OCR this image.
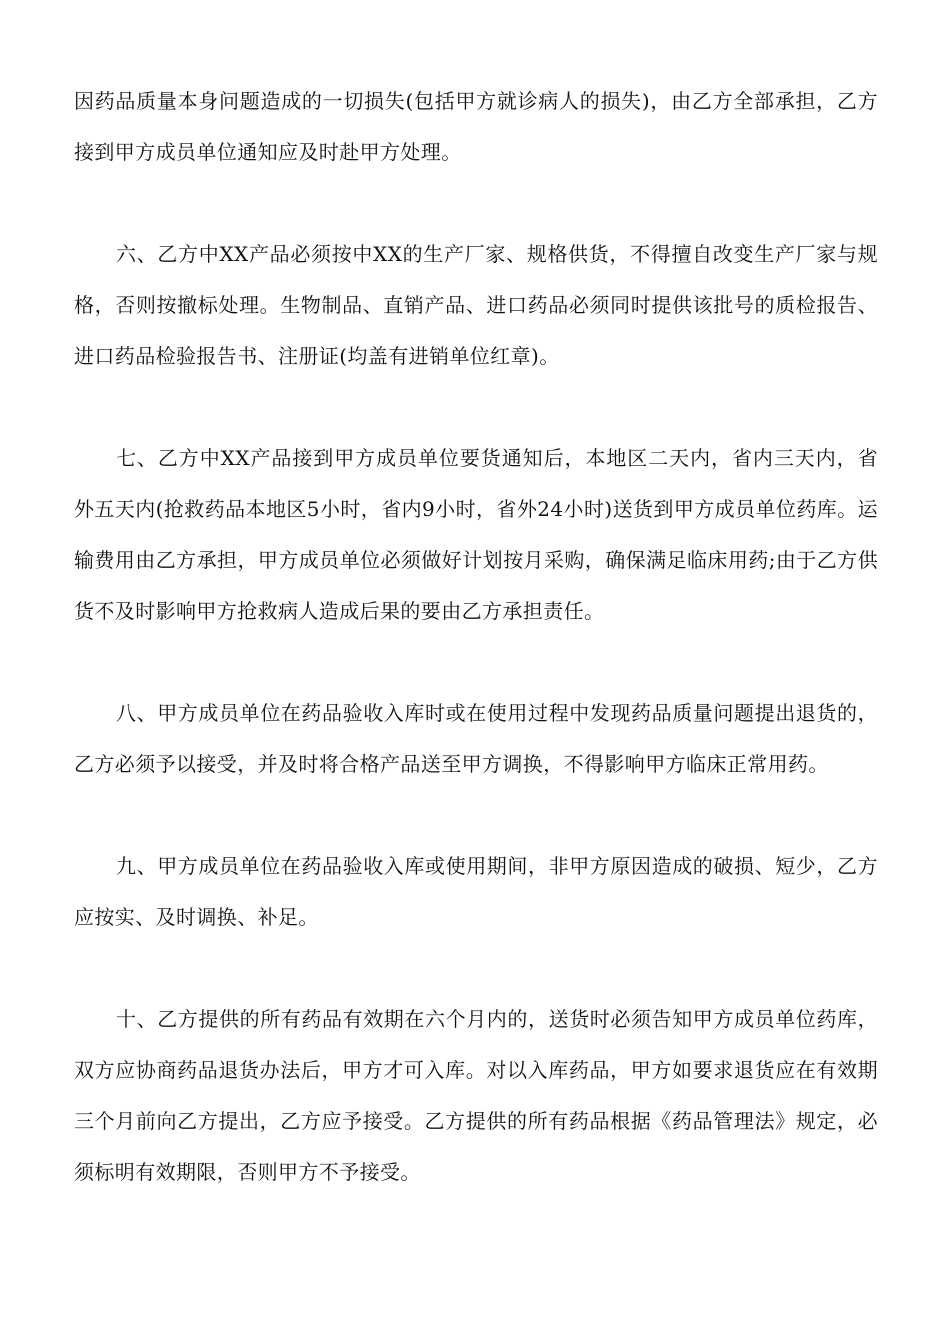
因药品质量本身问题造成的一切损失(包括甲方就诊病人的损失)，由乙方全部承担，乙方接到甲方成员单位通知应及时赴甲方处理。

六、乙方中XX产品必须按中XX的生产厂家、规格供货，不得擅自改变生产厂家与规格，否则按撤标处理。生物制品、直销产品、进口药品必须同时提供该批号的质检报告、进口药品检验报告书、注册证(均盖有进销单位红章)。

七、乙方中XX产品接到甲方成员单位要货通知后，本地区二天内，省内三天内，省外五天内(抢救药品本地区5小时，省内9小时，省外24小时)送货到甲方成员单位药库。运输费用由乙方承担，甲方成员单位必须做好计划按月采购，确保满足临床用药;由于乙方供货不及时影响甲方抢救病人造成后果的要由乙方承担责任。

八、甲方成员单位在药品验收入库时或在使用过程中发现药品质量问题提出退货的，乙方必须予以接受，并及时将合格产品送至甲方调换，不得影响甲方临床正常用药。

九、甲方成员单位在药品验收入库或使用期间，非甲方原因造成的破损、短少，乙方应按实、及时调换、补足。

十、乙方提供的所有药品有效期在六个月内的，送货时必须告知甲方成员单位药库，双方应协商药品退货办法后，甲方才可入库。对以入库药品，甲方如要求退货应在有效期三个月前向乙方提出，乙方应予接受。乙方提供的所有药品根据《药品管理法》规定，必须标明有效期限，否则甲方不予接受。
